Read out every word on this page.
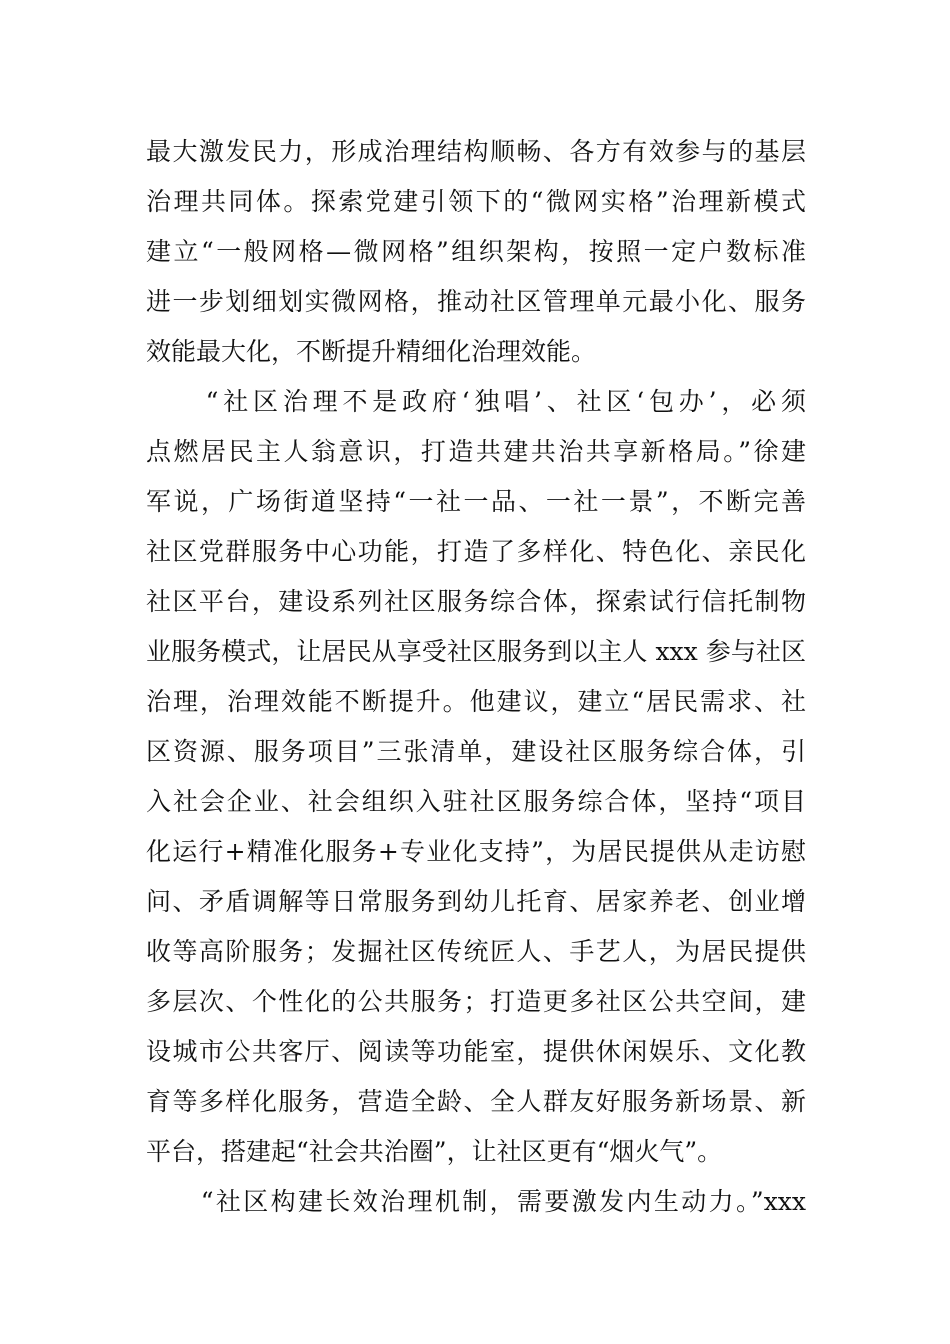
最大激发民力，形成治理结构顺畅、各方有效参与的基层
治理共同体。探索党建引领下的“微网实格”治理新模式
建立“一般网格—微网格”组织架构，按照一定户数标准
进一步划细划实微网格，推动社区管理单元最小化、服务
效能最大化，不断提升精细化治理效能。
　　“社区治理不是政府‘独唱’、社区‘包办’，必须
点燃居民主人翁意识，打造共建共治共享新格局。”徐建
军说，广场街道坚持“一社一品、一社一景”，不断完善
社区党群服务中心功能，打造了多样化、特色化、亲民化
社区平台，建设系列社区服务综合体，探索试行信托制物
业服务模式，让居民从享受社区服务到以主人 xxx 参与社区
治理，治理效能不断提升。他建议，建立“居民需求、社
区资源、服务项目”三张清单，建设社区服务综合体，引
入社会企业、社会组织入驻社区服务综合体，坚持“项目
化运行+精准化服务+专业化支持”，为居民提供从走访慰
问、矛盾调解等日常服务到幼儿托育、居家养老、创业增
收等高阶服务；发掘社区传统匠人、手艺人，为居民提供
多层次、个性化的公共服务；打造更多社区公共空间，建
设城市公共客厅、阅读等功能室，提供休闲娱乐、文化教
育等多样化服务，营造全龄、全人群友好服务新场景、新
平台，搭建起“社会共治圈”，让社区更有“烟火气”。
　　“社区构建长效治理机制，需要激发内生动力。”xxx
